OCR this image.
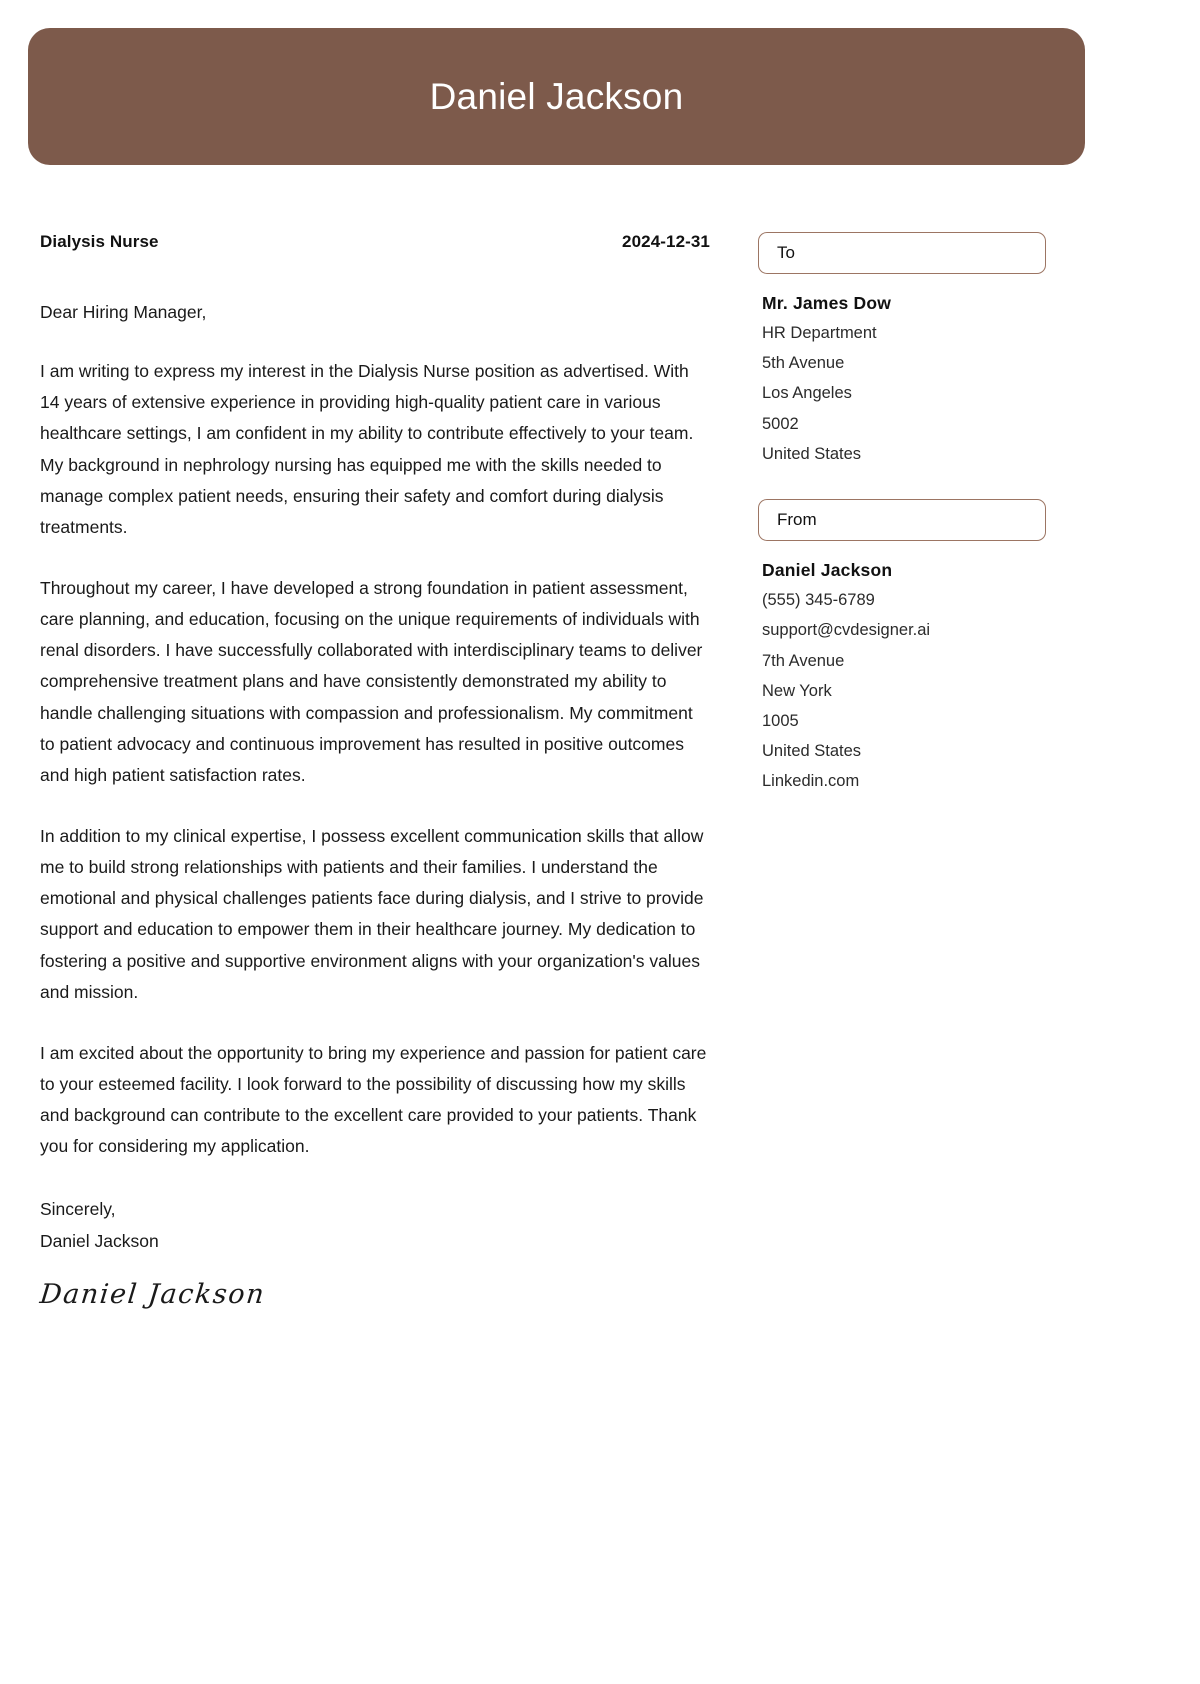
Daniel Jackson
Dialysis Nurse	2024-12-31
Dear Hiring Manager,
I am writing to express my interest in the Dialysis Nurse position as advertised. With 14 years of extensive experience in providing high-quality patient care in various healthcare settings, I am confident in my ability to contribute effectively to your team. My background in nephrology nursing has equipped me with the skills needed to manage complex patient needs, ensuring their safety and comfort during dialysis treatments.
Throughout my career, I have developed a strong foundation in patient assessment, care planning, and education, focusing on the unique requirements of individuals with renal disorders. I have successfully collaborated with interdisciplinary teams to deliver comprehensive treatment plans and have consistently demonstrated my ability to handle challenging situations with compassion and professionalism. My commitment to patient advocacy and continuous improvement has resulted in positive outcomes and high patient satisfaction rates.
In addition to my clinical expertise, I possess excellent communication skills that allow me to build strong relationships with patients and their families. I understand the emotional and physical challenges patients face during dialysis, and I strive to provide support and education to empower them in their healthcare journey. My dedication to fostering a positive and supportive environment aligns with your organization's values and mission.
I am excited about the opportunity to bring my experience and passion for patient care to your esteemed facility. I look forward to the possibility of discussing how my skills and background can contribute to the excellent care provided to your patients. Thank you for considering my application.
Sincerely,
Daniel Jackson
Daniel Jackson
To
Mr. James Dow
HR Department
5th Avenue
Los Angeles
5002
United States
From
Daniel Jackson
(555) 345-6789
support@cvdesigner.ai
7th Avenue
New York
1005
United States
Linkedin.com
